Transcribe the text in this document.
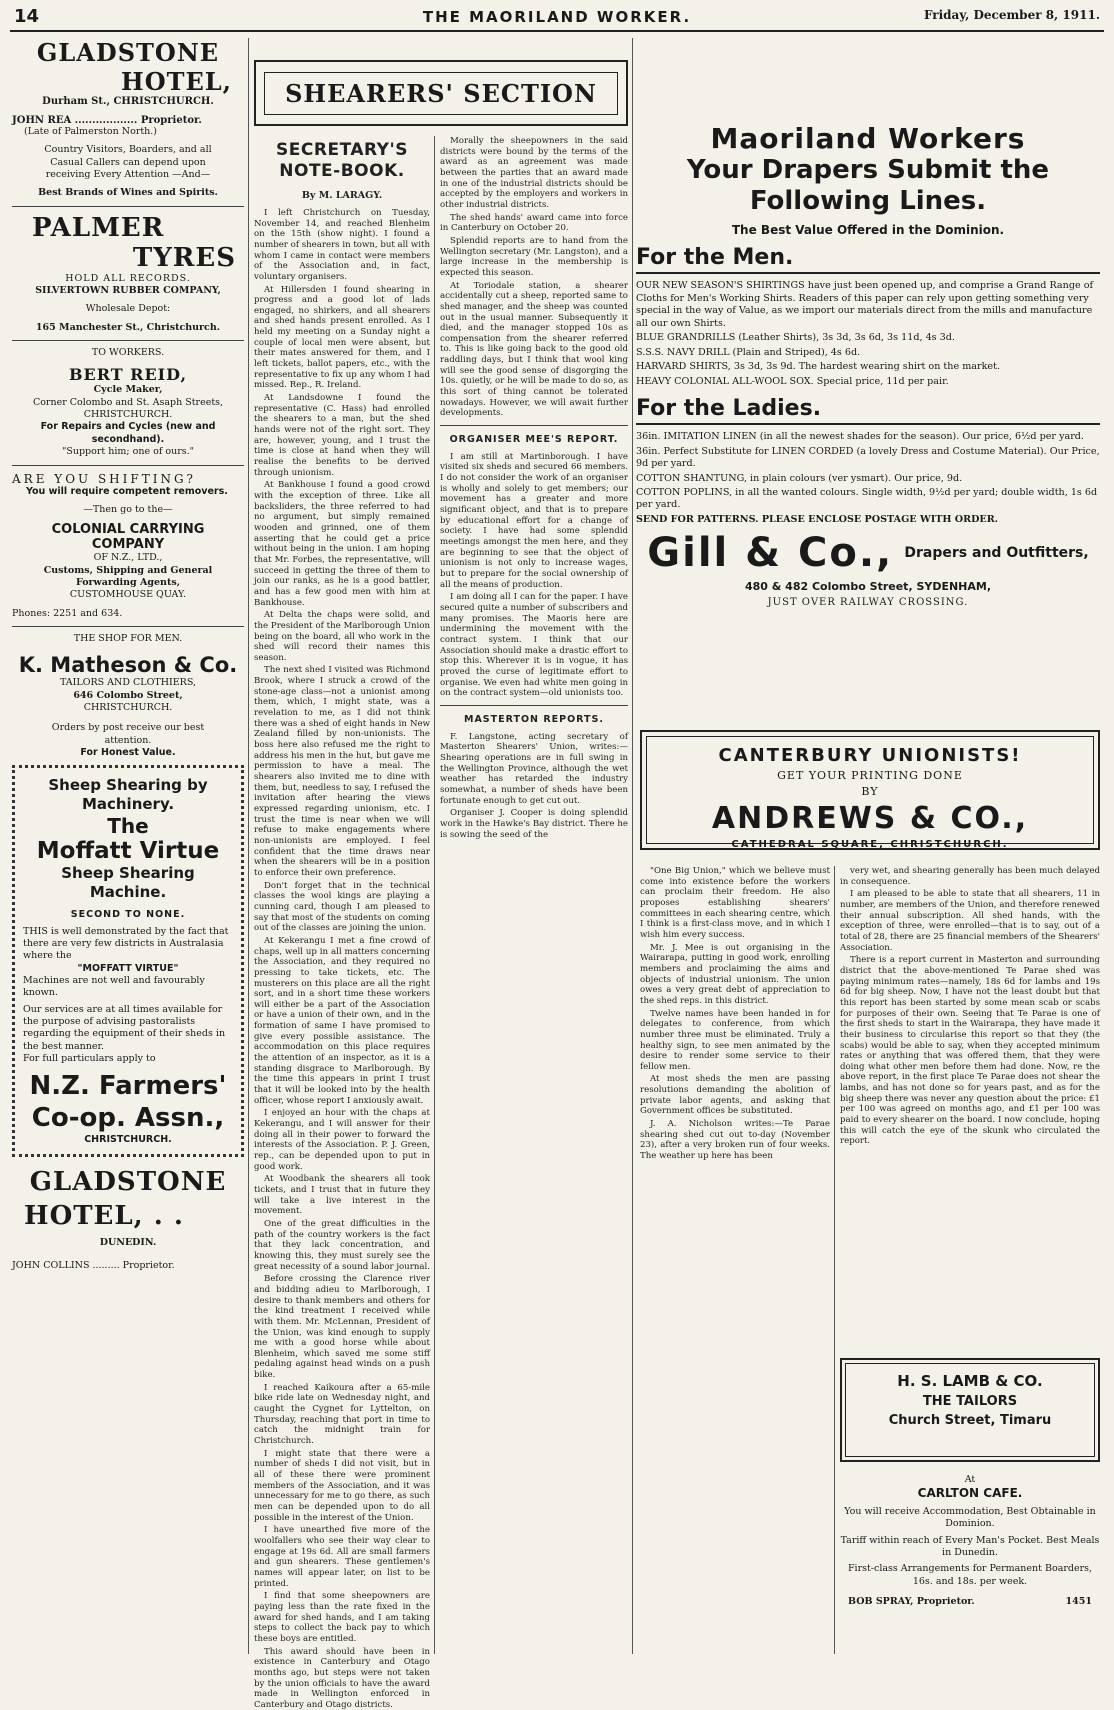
14	THE MAORILAND WORKER.	Friday, December 8, 1911.
GLADSTONE
HOTEL,
Durham St., CHRISTCHURCH.
JOHN REA .................. Proprietor.
(Late of Palmerston North.)
Country Visitors, Boarders, and all Casual Callers can depend upon receiving Every Attention —And—
Best Brands of Wines and Spirits.
PALMER
TYRES
HOLD ALL RECORDS.
SILVERTOWN RUBBER COMPANY,
Wholesale Depot:
165 Manchester St., Christchurch.
TO WORKERS.
BERT REID,
Cycle Maker,
Corner Colombo and St. Asaph Streets, CHRISTCHURCH.
For Repairs and Cycles (new and secondhand).
"Support him; one of ours."
ARE YOU SHIFTING?
You will require competent removers.
—Then go to the—
COLONIAL CARRYING
COMPANY
OF N.Z., LTD.,
Customs, Shipping and General Forwarding Agents,
CUSTOMHOUSE QUAY.
Phones: 2251 and 634.
THE SHOP FOR MEN.
K. Matheson & Co.
TAILORS AND CLOTHIERS,
646 Colombo Street,
CHRISTCHURCH.
Orders by post receive our best attention.
For Honest Value.
Sheep Shearing by Machinery.
The
Moffatt Virtue
Sheep Shearing Machine.
SECOND TO NONE.
THIS is well demonstrated by the fact that there are very few districts in Australasia where the
"MOFFATT VIRTUE"
Machines are not well and favourably known.
Our services are at all times available for the purpose of advising pastoralists regarding the equipment of their sheds in the best manner.
For full particulars apply to
N.Z. Farmers'
Co-op. Assn.,
CHRISTCHURCH.
GLADSTONE
HOTEL, . .
DUNEDIN.
JOHN COLLINS ......... Proprietor.
SHEARERS' SECTION
SECRETARY'S NOTE-BOOK.
By M. LARAGY.

I left Christchurch on Tuesday, November 14, and reached Blenheim on the 15th (show night). I found a number of shearers in town, but all with whom I came in contact were members of the Association and, in fact, voluntary organisers.

At Hillersden I found shearing in progress and a good lot of lads engaged, no shirkers, and all shearers and shed hands present enrolled. As I held my meeting on a Sunday night a couple of local men were absent, but their mates answered for them, and I left tickets, ballot papers, etc., with the representative to fix up any whom I had missed. Rep., R. Ireland.

At Landsdowne I found the representative (C. Hass) had enrolled the shearers to a man, but the shed hands were not of the right sort. They are, however, young, and I trust the time is close at hand when they will realise the benefits to be derived through unionism.

At Bankhouse I found a good crowd with the exception of three. Like all backsliders, the three referred to had no argument, but simply remained wooden and grinned, one of them asserting that he could get a price without being in the union. I am hoping that Mr. Forbes, the representative, will succeed in getting the three of them to join our ranks, as he is a good battler, and has a few good men with him at Bankhouse.

At Delta the chaps were solid, and the President of the Marlborough Union being on the board, all who work in the shed will record their names this season.

The next shed I visited was Richmond Brook, where I struck a crowd of the stone-age class—not a unionist among them, which, I might state, was a revelation to me, as I did not think there was a shed of eight hands in New Zealand filled by non-unionists. The boss here also refused me the right to address his men in the hut, but gave me permission to have a meal. The shearers also invited me to dine with them, but, needless to say, I refused the invitation after hearing the views expressed regarding unionism, etc. I trust the time is near when we will refuse to make engagements where non-unionists are employed. I feel confident that the time draws near when the shearers will be in a position to enforce their own preference.

Don't forget that in the technical classes the wool kings are playing a cunning card, though I am pleased to say that most of the students on coming out of the classes are joining the union.

At Kekerangu I met a fine crowd of chaps, well up in all matters concerning the Association, and they required no pressing to take tickets, etc. The musterers on this place are all the right sort, and in a short time these workers will either be a part of the Association or have a union of their own, and in the formation of same I have promised to give every possible assistance. The accommodation on this place requires the attention of an inspector, as it is a standing disgrace to Marlborough. By the time this appears in print I trust that it will be looked into by the health officer, whose report I anxiously await.

I enjoyed an hour with the chaps at Kekerangu, and I will answer for their doing all in their power to forward the interests of the Association. P. J. Green, rep., can be depended upon to put in good work.

At Woodbank the shearers all took tickets, and I trust that in future they will take a live interest in the movement.

One of the great difficulties in the path of the country workers is the fact that they lack concentration, and knowing this, they must surely see the great necessity of a sound labor journal.

Before crossing the Clarence river and bidding adieu to Marlborough, I desire to thank members and others for the kind treatment I received while with them. Mr. McLennan, President of the Union, was kind enough to supply me with a good horse while about Blenheim, which saved me some stiff pedaling against head winds on a push bike.

I reached Kaikoura after a 65-mile bike ride late on Wednesday night, and caught the Cygnet for Lyttelton, on Thursday, reaching that port in time to catch the midnight train for Christchurch.

I might state that there were a number of sheds I did not visit, but in all of these there were prominent members of the Association, and it was unnecessary for me to go there, as such men can be depended upon to do all possible in the interest of the Union.

I have unearthed five more of the woolfallers who see their way clear to engage at 19s 6d. All are small farmers and gun shearers. These gentlemen's names will appear later, on list to be printed.

I find that some sheepowners are paying less than the rate fixed in the award for shed hands, and I am taking steps to collect the back pay to which these boys are entitled.

This award should have been in existence in Canterbury and Otago months ago, but steps were not taken by the union officials to have the award made in Wellington enforced in Canterbury and Otago districts.

Morally the sheepowners in the said districts were bound by the terms of the award as an agreement was made between the parties that an award made in one of the industrial districts should be accepted by the employers and workers in other industrial districts.

The shed hands' award came into force in Canterbury on October 20.

Splendid reports are to hand from the Wellington secretary (Mr. Langston), and a large increase in the membership is expected this season.

At Toriodale station, a shearer accidentally cut a sheep, reported same to shed manager, and the sheep was counted out in the usual manner. Subsequently it died, and the manager stopped 10s as compensation from the shearer referred to. This is like going back to the good old raddling days, but I think that wool king will see the good sense of disgorging the 10s. quietly, or he will be made to do so, as this sort of thing cannot be tolerated nowadays. However, we will await further developments.

ORGANISER MEE'S REPORT.

I am still at Martinborough. I have visited six sheds and secured 66 members. I do not consider the work of an organiser is wholly and solely to get members; our movement has a greater and more significant object, and that is to prepare by educational effort for a change of society. I have had some splendid meetings amongst the men here, and they are beginning to see that the object of unionism is not only to increase wages, but to prepare for the social ownership of all the means of production.

I am doing all I can for the paper. I have secured quite a number of subscribers and many promises. The Maoris here are undermining the movement with the contract system. I think that our Association should make a drastic effort to stop this. Wherever it is in vogue, it has proved the curse of legitimate effort to organise. We even had white men going in on the contract system—old unionists too.

MASTERTON REPORTS.

F. Langstone, acting secretary of Masterton Shearers' Union, writes:— Shearing operations are in full swing in the Wellington Province, although the wet weather has retarded the industry somewhat, a number of sheds have been fortunate enough to get cut out.

Organiser J. Cooper is doing splendid work in the Hawke's Bay district. There he is sowing the seed of the

Maoriland Workers
Your Drapers Submit the
Following Lines.
The Best Value Offered in the Dominion.
For the Men.

OUR NEW SEASON'S SHIRTINGS have just been opened up, and comprise a Grand Range of Cloths for Men's Working Shirts. Readers of this paper can rely upon getting something very special in the way of Value, as we import our materials direct from the mills and manufacture all our own Shirts.

BLUE GRANDRILLS (Leather Shirts), 3s 3d, 3s 6d, 3s 11d, 4s 3d.

S.S.S. NAVY DRILL (Plain and Striped), 4s 6d.

HARVARD SHIRTS, 3s 3d, 3s 9d. The hardest wearing shirt on the market.

HEAVY COLONIAL ALL-WOOL SOX. Special price, 11d per pair.

For the Ladies.

36in. IMITATION LINEN (in all the newest shades for the season). Our price, 6½d per yard.

36in. Perfect Substitute for LINEN CORDED (a lovely Dress and Costume Material). Our Price, 9d per yard.

COTTON SHANTUNG, in plain colours (ver ysmart). Our price, 9d.

COTTON POPLINS, in all the wanted colours. Single width, 9½d per yard; double width, 1s 6d per yard.

SEND FOR PATTERNS. PLEASE ENCLOSE POSTAGE WITH ORDER.

Gill & Co., Drapers and Outfitters,
480 & 482 Colombo Street, SYDENHAM,
JUST OVER RAILWAY CROSSING.
CANTERBURY UNIONISTS!
GET YOUR PRINTING DONE
BY
ANDREWS & CO.,
CATHEDRAL SQUARE, CHRISTCHURCH.

"One Big Union," which we believe must come into existence before the workers can proclaim their freedom. He also proposes establishing shearers' committees in each shearing centre, which I think is a first-class move, and in which I wish him every success.

Mr. J. Mee is out organising in the Wairarapa, putting in good work, enrolling members and proclaiming the aims and objects of industrial unionism. The union owes a very great debt of appreciation to the shed reps. in this district.

Twelve names have been handed in for delegates to conference, from which number three must be eliminated. Truly a healthy sign, to see men animated by the desire to render some service to their fellow men.

At most sheds the men are passing resolutions demanding the abolition of private labor agents, and asking that Government offices be substituted.

J. A. Nicholson writes:—Te Parae shearing shed cut out to-day (November 23), after a very broken run of four weeks. The weather up here has been

very wet, and shearing generally has been much delayed in consequence.

I am pleased to be able to state that all shearers, 11 in number, are members of the Union, and therefore renewed their annual subscription. All shed hands, with the exception of three, were enrolled—that is to say, out of a total of 28, there are 25 financial members of the Shearers' Association.

There is a report current in Masterton and surrounding district that the above-mentioned Te Parae shed was paying minimum rates—namely, 18s 6d for lambs and 19s 6d for big sheep. Now, I have not the least doubt but that this report has been started by some mean scab or scabs for purposes of their own. Seeing that Te Parae is one of the first sheds to start in the Wairarapa, they have made it their business to circularise this report so that they (the scabs) would be able to say, when they accepted minimum rates or anything that was offered them, that they were doing what other men before them had done. Now, re the above report, in the first place Te Parae does not shear the lambs, and has not done so for years past, and as for the big sheep there was never any question about the price: £1 per 100 was agreed on months ago, and £1 per 100 was paid to every shearer on the board. I now conclude, hoping this will catch the eye of the skunk who circulated the report.

H. S. LAMB & CO.
THE TAILORS
Church Street, Timaru
At
CARLTON CAFE.
You will receive Accommodation, Best Obtainable in Dominion.
Tariff within reach of Every Man's Pocket. Best Meals in Dunedin.
First-class Arrangements for Permanent Boarders, 16s. and 18s. per week.
BOB SPRAY, Proprietor.	1451
